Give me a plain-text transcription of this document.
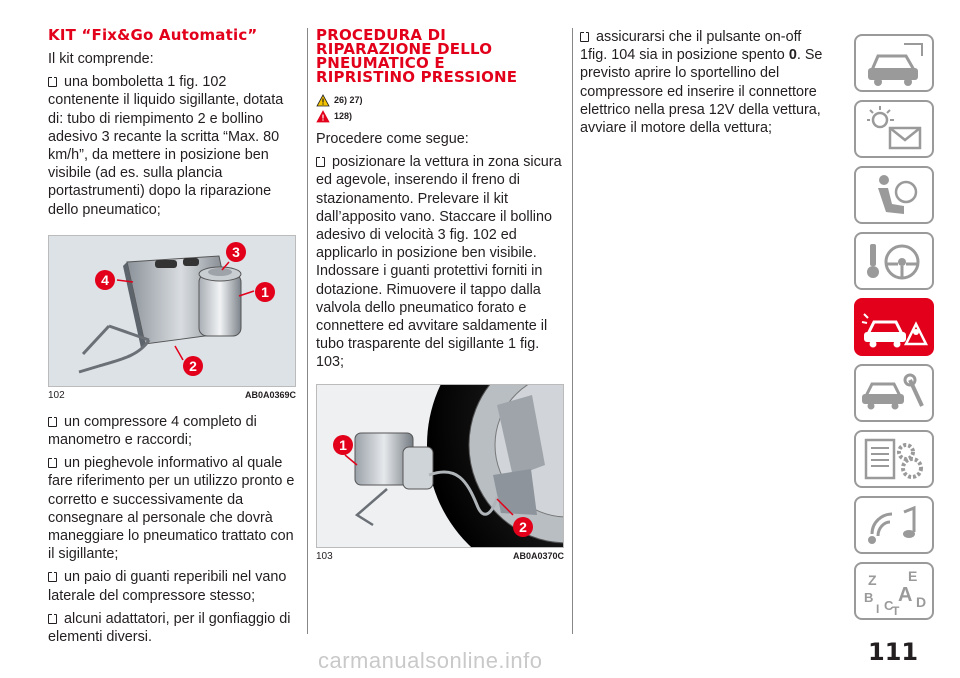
KIT “Fix&Go Automatic”

Il kit comprende:

una bomboletta 1 fig. 102 contenente il liquido sigillante, dotata di: tubo di riempimento 2 e bollino adesivo 3 recante la scritta “Max. 80 km/h”, da mettere in posizione ben visibile (ad es. sulla plancia portastrumenti) dopo la riparazione dello pneumatico;

1
2
3
4
102	AB0A0369C

un compressore 4 completo di manometro e raccordi;

un pieghevole informativo al quale fare riferimento per un utilizzo pronto e corretto e successivamente da consegnare al personale che dovrà maneggiare lo pneumatico trattato con il sigillante;

un paio di guanti reperibili nel vano laterale del compressore stesso;

alcuni adattatori, per il gonfiaggio di elementi diversi.

PROCEDURA DI
RIPARAZIONE DELLO
PNEUMATICO E
RIPRISTINO PRESSIONE
26) 27)
128)

Procedere come segue:

posizionare la vettura in zona sicura ed agevole, inserendo il freno di stazionamento. Prelevare il kit dall’apposito vano. Staccare il bollino adesivo di velocità 3 fig. 102 ed applicarlo in posizione ben visibile. Indossare i guanti protettivi forniti in dotazione. Rimuovere il tappo dalla valvola dello pneumatico forato e connettere ed avvitare saldamente il tubo trasparente del sigillante 1 fig. 103;

1
2
103	AB0A0370C

assicurarsi che il pulsante on-off 1fig. 104 sia in posizione spento 0. Se previsto aprire lo sportellino del compressore ed inserire il connettore elettrico nella presa 12V della vettura, avviare il motore della vettura;

Z E
B A
C D
T
I
111
carmanualsonline.info
